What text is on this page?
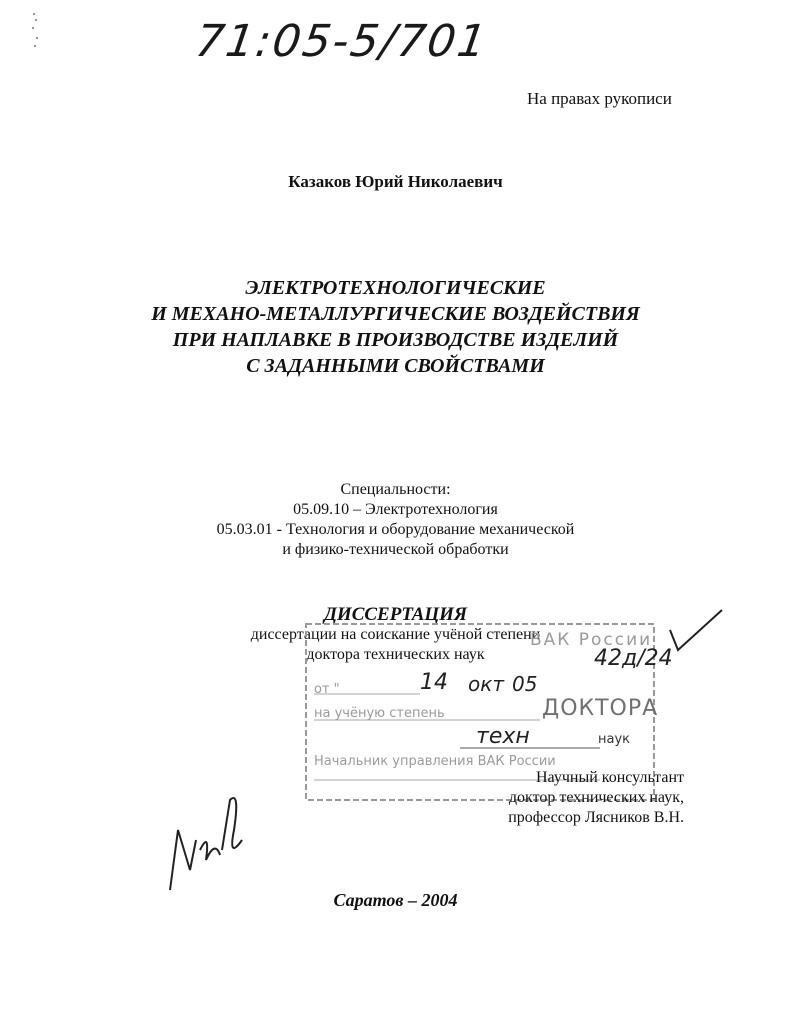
71:05-5/701
На правах рукописи
Казаков Юрий Николаевич
ЭЛЕКТРОТЕХНОЛОГИЧЕСКИЕ
И МЕХАНО-МЕТАЛЛУРГИЧЕСКИЕ ВОЗДЕЙСТВИЯ
ПРИ НАПЛАВКЕ В ПРОИЗВОДСТВЕ ИЗДЕЛИЙ
С ЗАДАННЫМИ СВОЙСТВАМИ
Специальности:
05.09.10 – Электротехнология
05.03.01 - Технология и оборудование механической
и физико-технической обработки
ДИССЕРТАЦИЯ
диссертации на соискание учёной степени
доктора технических наук
ВАК России
от "	14 окт 05
42д/24
на учёную степень	ДОКТОРА
техн	наук
Начальник управления ВАК России
Научный консультант
доктор технических наук,
профессор Лясников В.Н.
Саратов – 2004
